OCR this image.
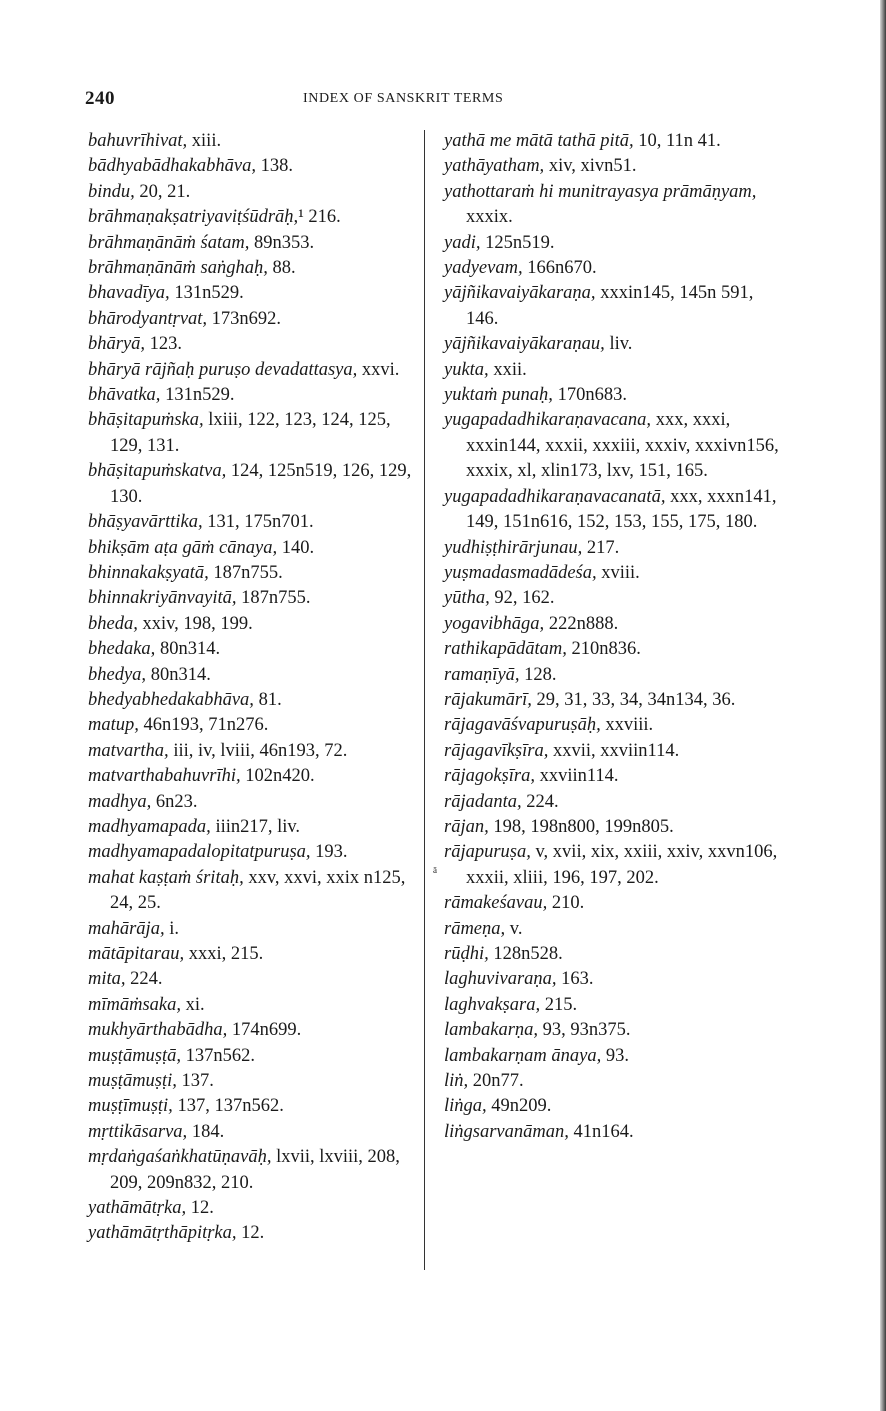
240	INDEX OF SANSKRIT TERMS

bahuvrīhivat, xiii.

bādhyabādhakabhāva, 138.

bindu, 20, 21.

brāhmaṇakṣatriyaviṭśūdrāḥ,¹ 216.

brāhmaṇānāṁ śatam, 89n353.

brāhmaṇānāṁ saṅghaḥ, 88.

bhavadīya, 131n529.

bhārodyantṛvat, 173n692.

bhāryā, 123.

bhāryā rājñaḥ puruṣo devadattasya, xxvi.

bhāvatka, 131n529.

bhāṣitapuṁska, lxiii, 122, 123, 124, 125, 129, 131.

bhāṣitapuṁskatva, 124, 125n519, 126, 129, 130.

bhāṣyavārttika, 131, 175n701.

bhikṣām aṭa gāṁ cānaya, 140.

bhinnakakṣyatā, 187n755.

bhinnakriyānvayitā, 187n755.

bheda, xxiv, 198, 199.

bhedaka, 80n314.

bhedya, 80n314.

bhedyabhedakabhāva, 81.

matup, 46n193, 71n276.

matvartha, iii, iv, lviii, 46n193, 72.

matvarthabahuvrīhi, 102n420.

madhya, 6n23.

madhyamapada, iiin217, liv.

madhyamapadalopitatpuruṣa, 193.

mahat kaṣṭaṁ śritaḥ, xxv, xxvi, xxix n125, 24, 25.

mahārāja, i.

mātāpitarau, xxxi, 215.

mita, 224.

mīmāṁsaka, xi.

mukhyārthabādha, 174n699.

muṣṭāmuṣṭā, 137n562.

muṣṭāmuṣṭi, 137.

muṣṭīmuṣṭi, 137, 137n562.

mṛttikāsarva, 184.

mṛdaṅgaśaṅkhatūṇavāḥ, lxvii, lxviii, 208, 209, 209n832, 210.

yathāmātṛka, 12.

yathāmātṛthāpitṛka, 12.

yathā me mātā tathā pitā, 10, 11n 41.

yathāyatham, xiv, xivn51.

yathottaraṁ hi munitrayasya prāmāṇyam, xxxix.

yadi, 125n519.

yadyevam, 166n670.

yājñikavaiyākaraṇa, xxxin145, 145n 591, 146.

yājñikavaiyākaraṇau, liv.

yukta, xxii.

yuktaṁ punaḥ, 170n683.

yugapadadhikaraṇavacana, xxx, xxxi, xxxin144, xxxii, xxxiii, xxxiv, xxxivn156, xxxix, xl, xlin173, lxv, 151, 165.

yugapadadhikaraṇavacanatā, xxx, xxxn141, 149, 151n616, 152, 153, 155, 175, 180.

yudhiṣṭhirārjunau, 217.

yuṣmadasmadādeśa, xviii.

yūtha, 92, 162.

yogavibhāga, 222n888.

rathikapādātam, 210n836.

ramaṇīyā, 128.

rājakumārī, 29, 31, 33, 34, 34n134, 36.

rājagavāśvapuruṣāḥ, xxviii.

rājagavīkṣīra, xxvii, xxviin114.

rājagokṣīra, xxviin114.

rājadanta, 224.

rājan, 198, 198n800, 199n805.

rājapuruṣa, v, xvii, xix, xxiii, xxiv, xxvn106, xxxii, xliii, 196, 197, 202.

rāmakeśavau, 210.

rāmeṇa, v.

rūḍhi, 128n528.

laghuvivaraṇa, 163.

laghvakṣara, 215.

lambakarṇa, 93, 93n375.

lambakarṇam ānaya, 93.

liṅ, 20n77.

liṅga, 49n209.

liṅgsarvanāman, 41n164.

ā
